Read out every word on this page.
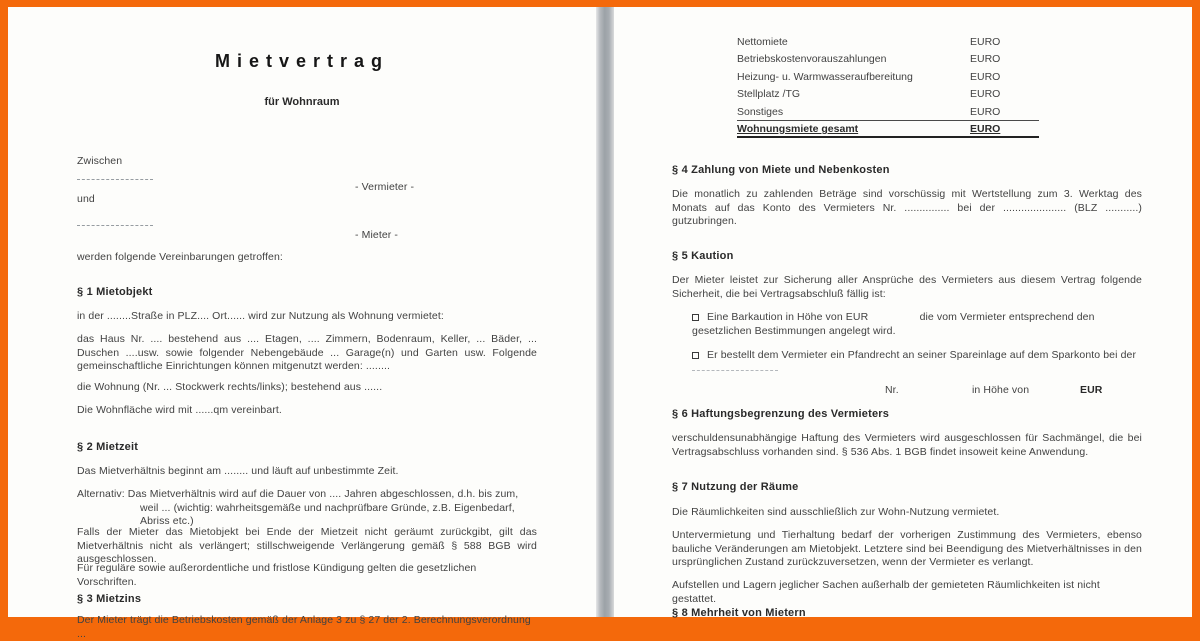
Mietvertrag
für Wohnraum
Zwischen
und
- Vermieter -
- Mieter -
werden folgende Vereinbarungen getroffen:
§ 1 Mietobjekt
in der ........Straße in PLZ.... Ort...... wird zur Nutzung als Wohnung vermietet:
das Haus Nr. .... bestehend aus .... Etagen, .... Zimmern, Bodenraum, Keller, ... Bäder, ... Duschen ....usw. sowie folgender Nebengebäude ... Garage(n) und Garten usw. Folgende gemeinschaftliche Einrichtungen können mitgenutzt werden: ........
die Wohnung (Nr. ... Stockwerk rechts/links); bestehend aus ......
Die Wohnfläche wird mit ......qm vereinbart.
§ 2 Mietzeit
Das Mietverhältnis beginnt am ........ und läuft auf unbestimmte Zeit.
Alternativ: Das Mietverhältnis wird auf die Dauer von .... Jahren abgeschlossen, d.h. bis zum, weil ... (wichtig: wahrheitsgemäße und nachprüfbare Gründe, z.B. Eigenbedarf, Abriss etc.)
Falls der Mieter das Mietobjekt bei Ende der Mietzeit nicht geräumt zurückgibt, gilt das Mietverhältnis nicht als verlängert; stillschweigende Verlängerung gemäß § 588 BGB wird ausgeschlossen.
Für reguläre sowie außerordentliche und fristlose Kündigung gelten die gesetzlichen Vorschriften.
§ 3 Mietzins
Der Mieter trägt die Betriebskosten gemäß der Anlage 3 zu § 27 der 2. Berechnungsverordnung ...
Nettomiete	EURO
Betriebskostenvorauszahlungen	EURO
Heizung- u. Warmwasseraufbereitung	EURO
Stellplatz /TG	EURO
Sonstiges	EURO
Wohnungsmiete gesamt	EURO
§ 4 Zahlung von Miete und Nebenkosten
Die monatlich zu zahlenden Beträge sind vorschüssig mit Wertstellung zum 3. Werktag des Monats auf das Konto des Vermieters Nr. ............... bei der ..................... (BLZ ...........) gutzubringen.
§ 5 Kaution
Der Mieter leistet zur Sicherung aller Ansprüche des Vermieters aus diesem Vertrag folgende Sicherheit, die bei Vertragsabschluß fällig ist:
Eine Barkaution in Höhe von EUR                 die vom Vermieter entsprechend den gesetzlichen Bestimmungen angelegt wird.
Er bestellt dem Vermieter ein Pfandrecht an seiner Spareinlage auf dem Sparkonto bei der
Nr.	in Höhe von	EUR
§ 6 Haftungsbegrenzung des Vermieters
verschuldensunabhängige Haftung des Vermieters wird ausgeschlossen für Sachmängel, die bei Vertragsabschluss vorhanden sind. § 536 Abs. 1 BGB findet insoweit keine Anwendung.
§ 7 Nutzung der Räume
Die Räumlichkeiten sind ausschließlich zur Wohn-Nutzung vermietet.
Untervermietung und Tierhaltung bedarf der vorherigen Zustimmung des Vermieters, ebenso bauliche Veränderungen am Mietobjekt. Letztere sind bei Beendigung des Mietverhältnisses in den ursprünglichen Zustand zurückzuversetzen, wenn der Vermieter es verlangt.
Aufstellen und Lagern jeglicher Sachen außerhalb der gemieteten Räumlichkeiten ist nicht gestattet.
§ 8 Mehrheit von Mietern
